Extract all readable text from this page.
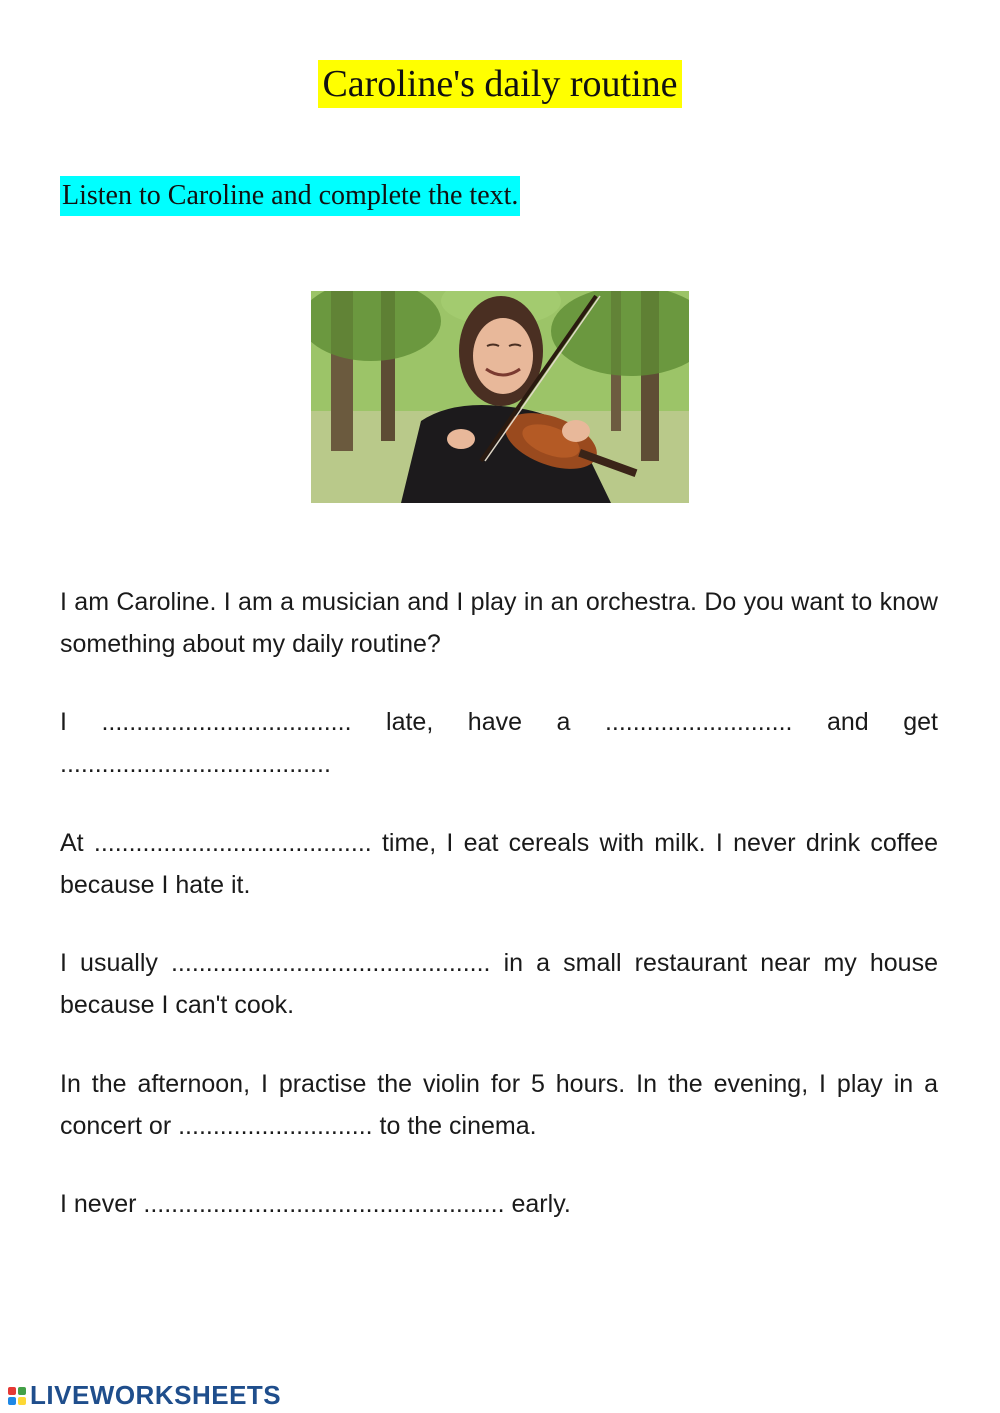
Caroline's daily routine
Listen to Caroline and complete the text.
I am Caroline. I am a musician and I play in an orchestra. Do you want to know something about my daily routine?
I .................................... late, have a ........................... and get .......................................
At ........................................ time, I eat cereals with milk. I never drink coffee because I hate it.
I usually .............................................. in a small restaurant near my house because I can't cook.
In the afternoon, I practise the violin for 5 hours. In the evening, I play in a concert or ............................ to the cinema.
I never .................................................... early.
LIVEWORKSHEETS
